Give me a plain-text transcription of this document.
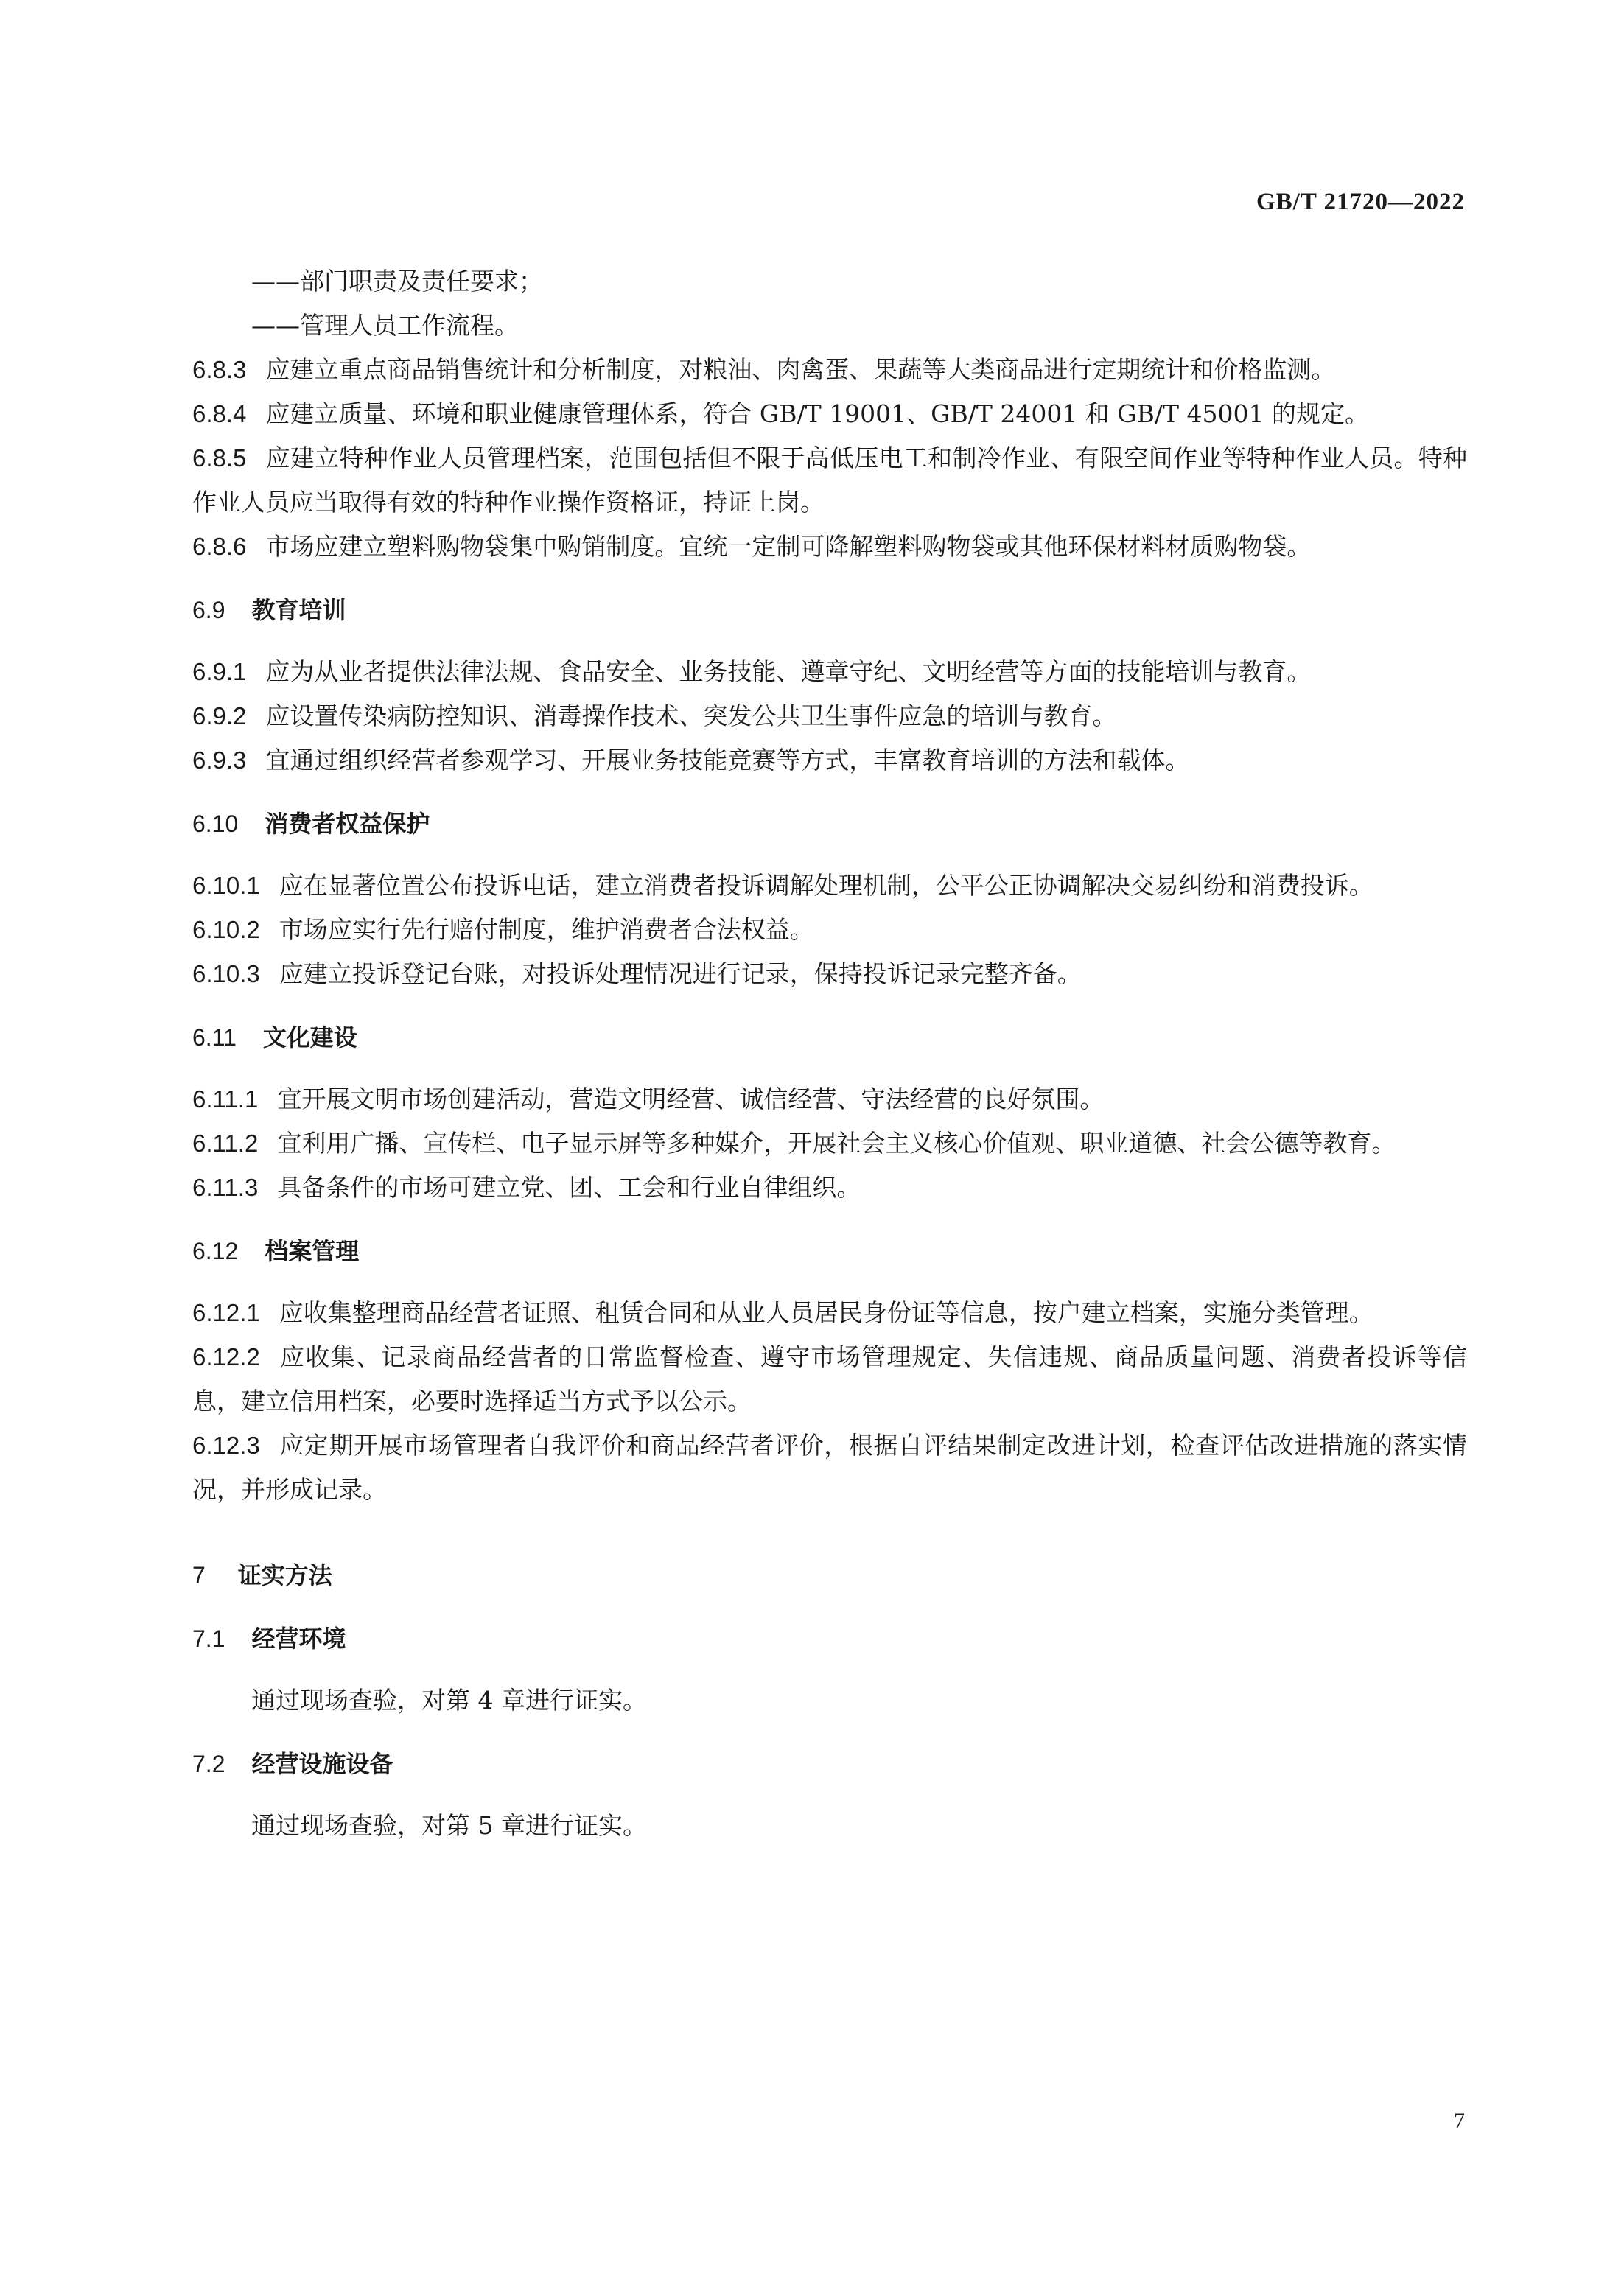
GB/T 21720—2022

——部门职责及责任要求；

——管理人员工作流程。

6.8.3 应建立重点商品销售统计和分析制度，对粮油、肉禽蛋、果蔬等大类商品进行定期统计和价格监测。

6.8.4 应建立质量、环境和职业健康管理体系，符合 GB/T 19001、GB/T 24001 和 GB/T 45001 的规定。

6.8.5 应建立特种作业人员管理档案，范围包括但不限于高低压电工和制冷作业、有限空间作业等特种作业人员。特种作业人员应当取得有效的特种作业操作资格证，持证上岗。

6.8.6 市场应建立塑料购物袋集中购销制度。宜统一定制可降解塑料购物袋或其他环保材料材质购物袋。

6.9 教育培训

6.9.1 应为从业者提供法律法规、食品安全、业务技能、遵章守纪、文明经营等方面的技能培训与教育。

6.9.2 应设置传染病防控知识、消毒操作技术、突发公共卫生事件应急的培训与教育。

6.9.3 宜通过组织经营者参观学习、开展业务技能竞赛等方式，丰富教育培训的方法和载体。

6.10 消费者权益保护

6.10.1 应在显著位置公布投诉电话，建立消费者投诉调解处理机制，公平公正协调解决交易纠纷和消费投诉。

6.10.2 市场应实行先行赔付制度，维护消费者合法权益。

6.10.3 应建立投诉登记台账，对投诉处理情况进行记录，保持投诉记录完整齐备。

6.11 文化建设

6.11.1 宜开展文明市场创建活动，营造文明经营、诚信经营、守法经营的良好氛围。

6.11.2 宜利用广播、宣传栏、电子显示屏等多种媒介，开展社会主义核心价值观、职业道德、社会公德等教育。

6.11.3 具备条件的市场可建立党、团、工会和行业自律组织。

6.12 档案管理

6.12.1 应收集整理商品经营者证照、租赁合同和从业人员居民身份证等信息，按户建立档案，实施分类管理。

6.12.2 应收集、记录商品经营者的日常监督检查、遵守市场管理规定、失信违规、商品质量问题、消费者投诉等信息，建立信用档案，必要时选择适当方式予以公示。

6.12.3 应定期开展市场管理者自我评价和商品经营者评价，根据自评结果制定改进计划，检查评估改进措施的落实情况，并形成记录。

7 证实方法

7.1 经营环境

通过现场查验，对第 4 章进行证实。

7.2 经营设施设备

通过现场查验，对第 5 章进行证实。

7
